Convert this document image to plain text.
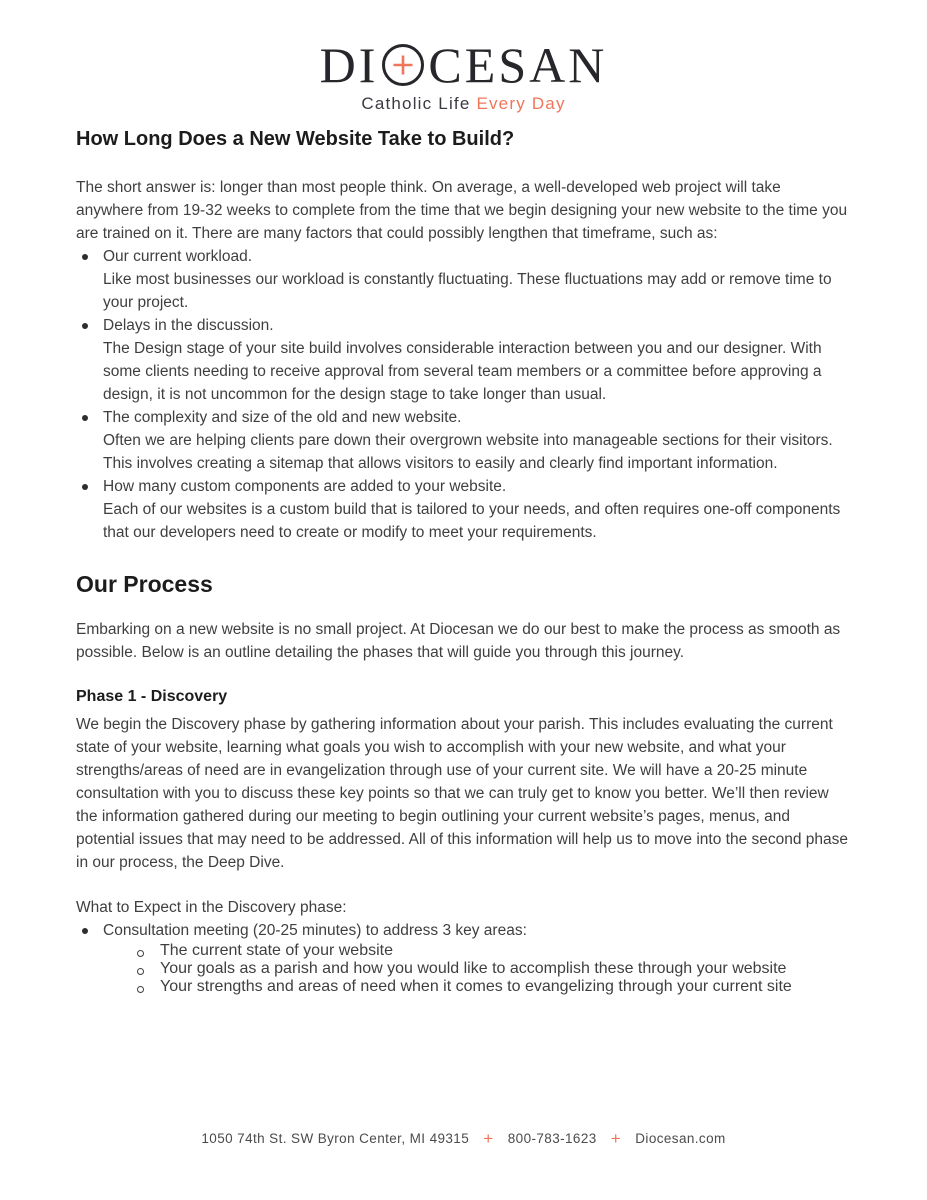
DI CESAN
Catholic Life Every Day
How Long Does a New Website Take to Build?

The short answer is: longer than most people think. On average, a well-developed web project will take anywhere from 19-32 weeks to complete from the time that we begin designing your new website to the time you are trained on it. There are many factors that could possibly lengthen that timeframe, such as:

Our current workload.
Like most businesses our workload is constantly fluctuating. These fluctuations may add or remove time to your project.
Delays in the discussion.
The Design stage of your site build involves considerable interaction between you and our designer. With some clients needing to receive approval from several team members or a committee before approving a design, it is not uncommon for the design stage to take longer than usual.
The complexity and size of the old and new website.
Often we are helping clients pare down their overgrown website into manageable sections for their visitors. This involves creating a sitemap that allows visitors to easily and clearly find important information.
How many custom components are added to your website.
Each of our websites is a custom build that is tailored to your needs, and often requires one-off components that our developers need to create or modify to meet your requirements.
Our Process

Embarking on a new website is no small project. At Diocesan we do our best to make the process as smooth as possible. Below is an outline detailing the phases that will guide you through this journey.

Phase 1 - Discovery

We begin the Discovery phase by gathering information about your parish. This includes evaluating the current state of your website, learning what goals you wish to accomplish with your new website, and what your strengths/areas of need are in evangelization through use of your current site. We will have a 20-25 minute consultation with you to discuss these key points so that we can truly get to know you better. We’ll then review the information gathered during our meeting to begin outlining your current website’s pages, menus, and potential issues that may need to be addressed. All of this information will help us to move into the second phase in our process, the Deep Dive.

What to Expect in the Discovery phase:

Consultation meeting (20-25 minutes) to address 3 key areas:
The current state of your website
Your goals as a parish and how you would like to accomplish these through your website
Your strengths and areas of need when it comes to evangelizing through your current site
1050 74th St. SW Byron Center, MI 49315 + 800-783-1623 + Diocesan.com
